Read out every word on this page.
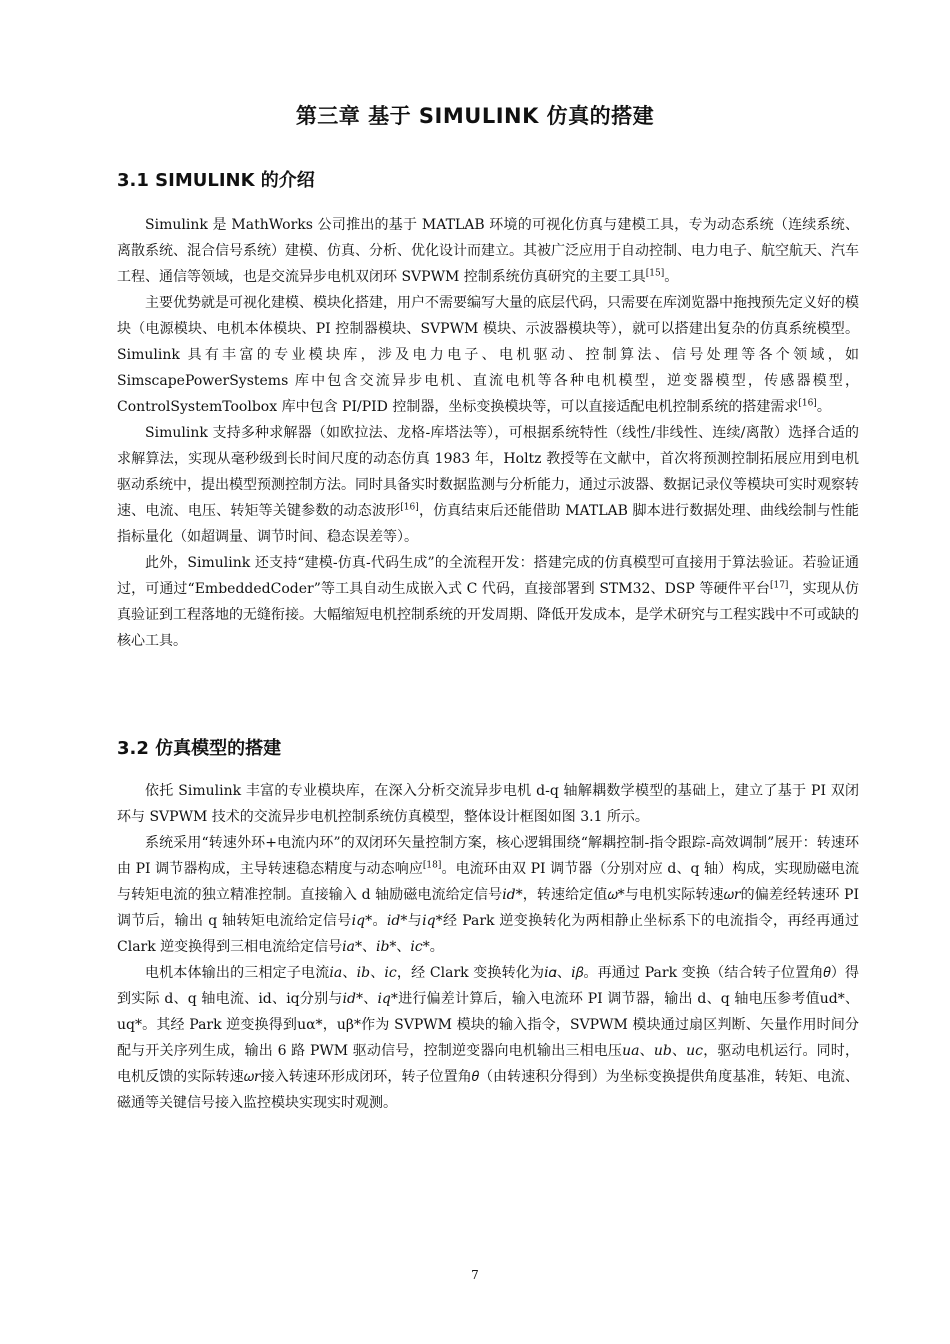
第三章 基于 SIMULINK 仿真的搭建
3.1 SIMULINK 的介绍

Simulink 是 MathWorks 公司推出的基于 MATLAB 环境的可视化仿真与建模工具，专为动态系统（连续系统、离散系统、混合信号系统）建模、仿真、分析、优化设计而建立。其被广泛应用于自动控制、电力电子、航空航天、汽车工程、通信等领域，也是交流异步电机双闭环 SVPWM 控制系统仿真研究的主要工具[15]。

主要优势就是可视化建模、模块化搭建，用户不需要编写大量的底层代码，只需要在库浏览器中拖拽预先定义好的模块（电源模块、电机本体模块、PI 控制器模块、SVPWM 模块、示波器模块等），就可以搭建出复杂的仿真系统模型。Simulink 具有丰富的专业模块库，涉及电力电子、电机驱动、控制算法、信号处理等各个领域，如 SimscapePowerSystems 库中包含交流异步电机、直流电机等各种电机模型，逆变器模型，传感器模型，ControlSystemToolbox 库中包含 PI/PID 控制器，坐标变换模块等，可以直接适配电机控制系统的搭建需求[16]。

Simulink 支持多种求解器（如欧拉法、龙格-库塔法等），可根据系统特性（线性/非线性、连续/离散）选择合适的求解算法，实现从毫秒级到长时间尺度的动态仿真 1983 年，Holtz 教授等在文献中，首次将预测控制拓展应用到电机驱动系统中，提出模型预测控制方法。同时具备实时数据监测与分析能力，通过示波器、数据记录仪等模块可实时观察转速、电流、电压、转矩等关键参数的动态波形[16]，仿真结束后还能借助 MATLAB 脚本进行数据处理、曲线绘制与性能指标量化（如超调量、调节时间、稳态误差等）。

此外，Simulink 还支持“建模-仿真-代码生成”的全流程开发：搭建完成的仿真模型可直接用于算法验证。若验证通过，可通过“EmbeddedCoder”等工具自动生成嵌入式 C 代码，直接部署到 STM32、DSP 等硬件平台[17]，实现从仿真验证到工程落地的无缝衔接。大幅缩短电机控制系统的开发周期、降低开发成本，是学术研究与工程实践中不可或缺的核心工具。

3.2 仿真模型的搭建

依托 Simulink 丰富的专业模块库，在深入分析交流异步电机 d-q 轴解耦数学模型的基础上，建立了基于 PI 双闭环与 SVPWM 技术的交流异步电机控制系统仿真模型，整体设计框图如图 3.1 所示。

系统采用“转速外环+电流内环”的双闭环矢量控制方案，核心逻辑围绕“解耦控制-指令跟踪-高效调制”展开：转速环由 PI 调节器构成，主导转速稳态精度与动态响应[18]。电流环由双 PI 调节器（分别对应 d、q 轴）构成，实现励磁电流与转矩电流的独立精准控制。直接输入 d 轴励磁电流给定信号𝑖𝑑*，转速给定值𝜔*与电机实际转速𝜔𝑟的偏差经转速环 PI 调节后，输出 q 轴转矩电流给定信号𝑖𝑞*。𝑖𝑑*与𝑖𝑞*经 Park 逆变换转化为两相静止坐标系下的电流指令，再经再通过 Clark 逆变换得到三相电流给定信号𝑖𝑎*、𝑖𝑏*、𝑖𝑐*。

电机本体输出的三相定子电流𝑖𝑎、𝑖𝑏、𝑖𝑐，经 Clark 变换转化为𝑖𝛼、𝑖𝛽。再通过 Park 变换（结合转子位置角𝜃）得到实际 d、q 轴电流、id、iq分别与𝑖𝑑*、𝑖𝑞*进行偏差计算后，输入电流环 PI 调节器，输出 d、q 轴电压参考值ud*、uq*。其经 Park 逆变换得到uα*，uβ*作为 SVPWM 模块的输入指令，SVPWM 模块通过扇区判断、矢量作用时间分配与开关序列生成，输出 6 路 PWM 驱动信号，控制逆变器向电机输出三相电压𝑢𝑎、𝑢𝑏、𝑢𝑐，驱动电机运行。同时，电机反馈的实际转速𝜔𝑟接入转速环形成闭环，转子位置角𝜃（由转速积分得到）为坐标变换提供角度基准，转矩、电流、磁通等关键信号接入监控模块实现实时观测。

7
